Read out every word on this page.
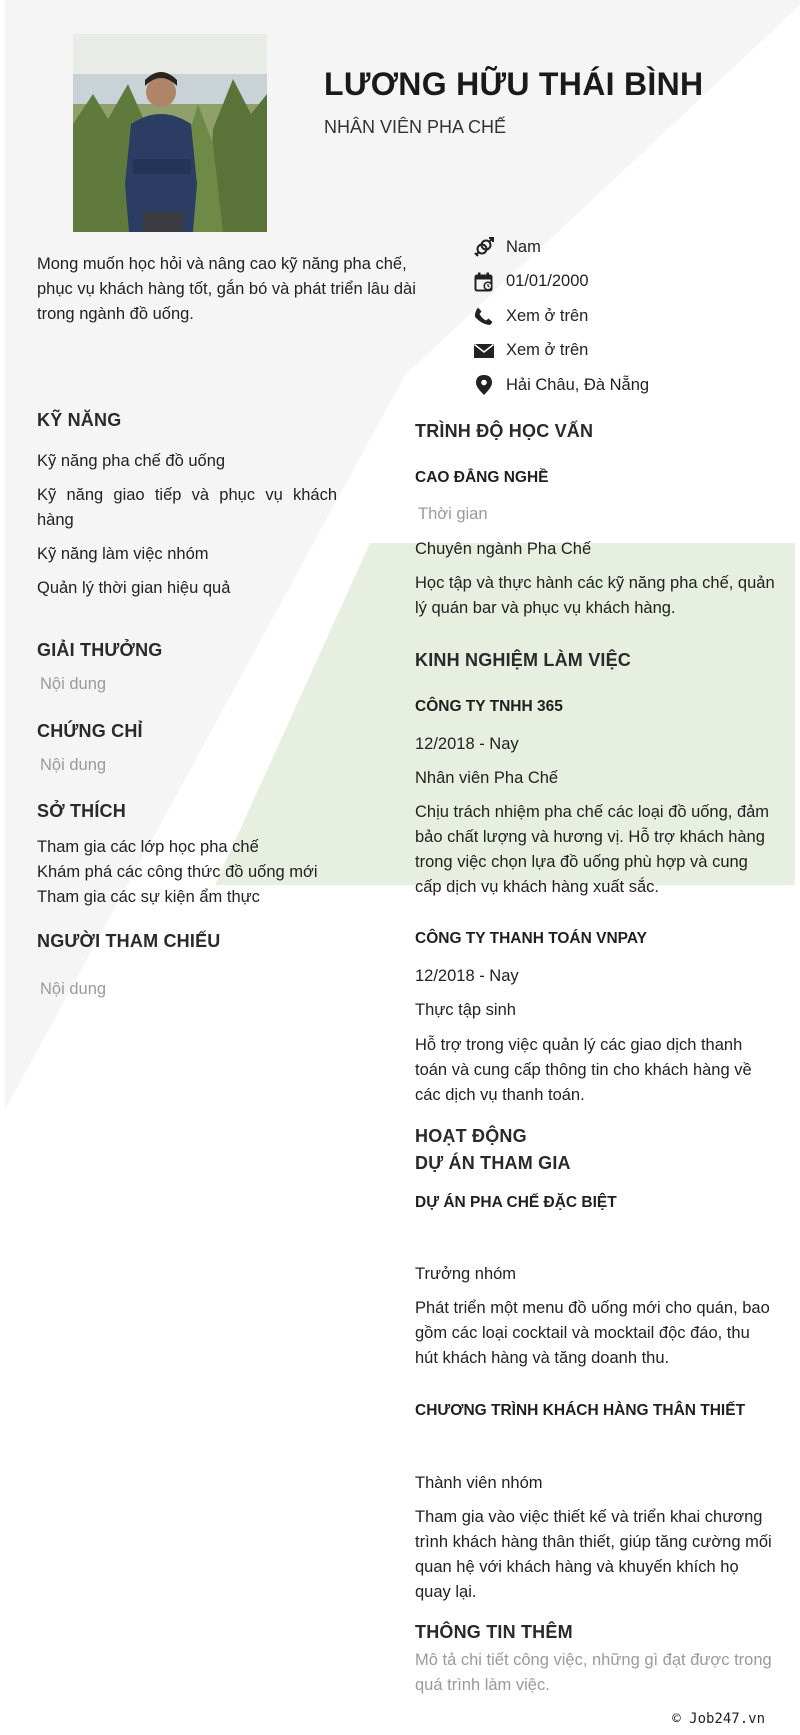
LƯƠNG HỮU THÁI BÌNH
NHÂN VIÊN PHA CHẾ
Mong muốn học hỏi và nâng cao kỹ năng pha chế, phục vụ khách hàng tốt, gắn bó và phát triển lâu dài trong ngành đồ uống.
Nam
01/01/2000
Xem ở trên
Xem ở trên
Hải Châu, Đà Nẵng
KỸ NĂNG
Kỹ năng pha chế đồ uống
Kỹ năng giao tiếp và phục vụ khách hàng
Kỹ năng làm việc nhóm
Quản lý thời gian hiệu quả
GIẢI THƯỞNG
Nội dung
CHỨNG CHỈ
Nội dung
SỞ THÍCH
Tham gia các lớp học pha chế
Khám phá các công thức đồ uống mới
Tham gia các sự kiện ẩm thực
NGƯỜI THAM CHIẾU
Nội dung
TRÌNH ĐỘ HỌC VẤN
CAO ĐẲNG NGHỀ
Thời gian
Chuyên ngành Pha Chế
Học tập và thực hành các kỹ năng pha chế, quản lý quán bar và phục vụ khách hàng.
KINH NGHIỆM LÀM VIỆC
CÔNG TY TNHH 365
12/2018 - Nay
Nhân viên Pha Chế
Chịu trách nhiệm pha chế các loại đồ uống, đảm bảo chất lượng và hương vị. Hỗ trợ khách hàng trong việc chọn lựa đồ uống phù hợp và cung cấp dịch vụ khách hàng xuất sắc.
CÔNG TY THANH TOÁN VNPAY
12/2018 - Nay
Thực tập sinh
Hỗ trợ trong việc quản lý các giao dịch thanh toán và cung cấp thông tin cho khách hàng về các dịch vụ thanh toán.
HOẠT ĐỘNG
DỰ ÁN THAM GIA
DỰ ÁN PHA CHẾ ĐẶC BIỆT
Trưởng nhóm
Phát triển một menu đồ uống mới cho quán, bao gồm các loại cocktail và mocktail độc đáo, thu hút khách hàng và tăng doanh thu.
CHƯƠNG TRÌNH KHÁCH HÀNG THÂN THIẾT
Thành viên nhóm
Tham gia vào việc thiết kế và triển khai chương trình khách hàng thân thiết, giúp tăng cường mối quan hệ với khách hàng và khuyến khích họ quay lại.
THÔNG TIN THÊM
Mô tả chi tiết công việc, những gì đạt được trong quá trình làm việc.
© Job247.vn
